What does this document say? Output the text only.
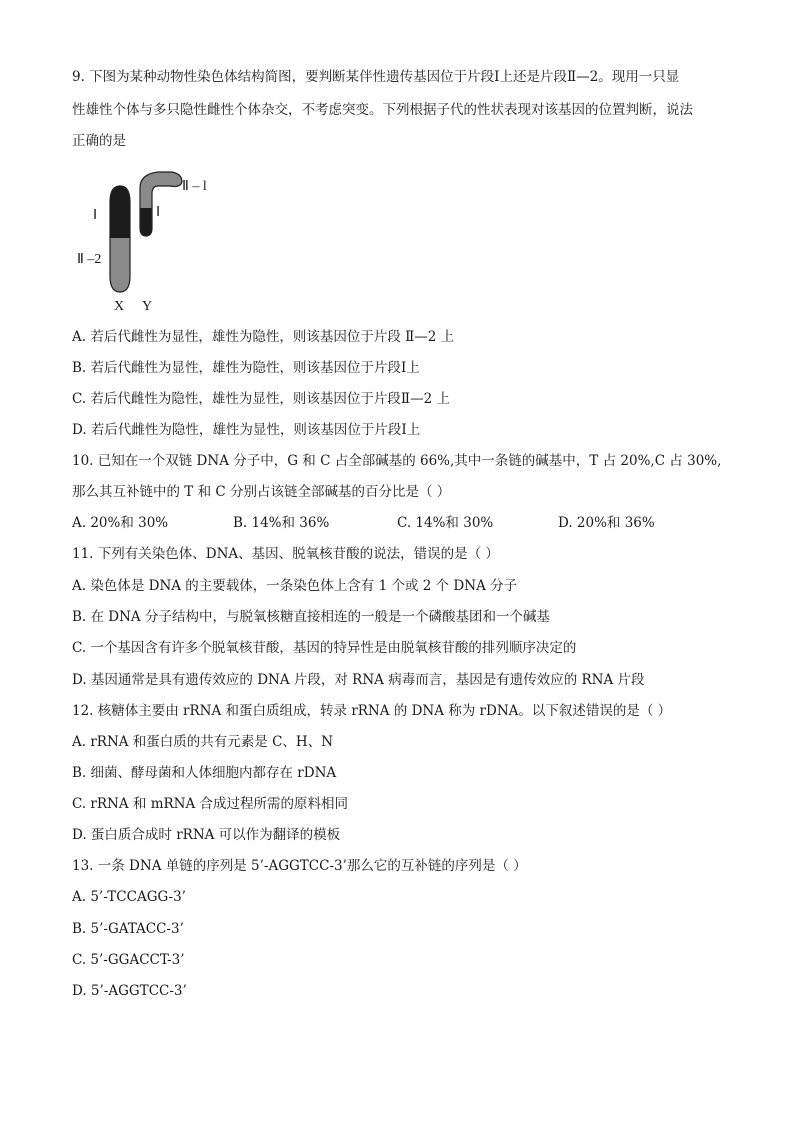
9. 下图为某种动物性染色体结构简图，要判断某伴性遗传基因位于片段Ⅰ上还是片段Ⅱ—2。现用一只显
性雄性个体与多只隐性雌性个体杂交，不考虑突变。下列根据子代的性状表现对该基因的位置判断，说法
正确的是
Ⅰ
Ⅱ –2
Ⅰ
Ⅱ – l
X Y
A. 若后代雌性为显性，雄性为隐性，则该基因位于片段 Ⅱ—2 上
B. 若后代雌性为显性，雄性为隐性，则该基因位于片段Ⅰ上
C. 若后代雌性为隐性，雄性为显性，则该基因位于片段Ⅱ—2 上
D. 若后代雌性为隐性，雄性为显性，则该基因位于片段Ⅰ上
10. 已知在一个双链 DNA 分子中，G 和 C 占全部碱基的 66%,其中一条链的碱基中，T 占 20%,C 占 30%,
那么其互补链中的 T 和 C 分别占该链全部碱基的百分比是（ ）
A. 20%和 30%	B. 14%和 36%	C. 14%和 30%	D. 20%和 36%
11. 下列有关染色体、DNA、基因、脱氧核苷酸的说法，错误的是（ ）
A. 染色体是 DNA 的主要载体，一条染色体上含有 1 个或 2 个 DNA 分子
B. 在 DNA 分子结构中，与脱氧核糖直接相连的一般是一个磷酸基团和一个碱基
C. 一个基因含有许多个脱氧核苷酸，基因的特异性是由脱氧核苷酸的排列顺序决定的
D. 基因通常是具有遗传效应的 DNA 片段，对 RNA 病毒而言，基因是有遗传效应的 RNA 片段
12. 核糖体主要由 rRNA 和蛋白质组成，转录 rRNA 的 DNA 称为 rDNA。以下叙述错误的是（ ）
A. rRNA 和蛋白质的共有元素是 C、H、N
B. 细菌、酵母菌和人体细胞内都存在 rDNA
C. rRNA 和 mRNA 合成过程所需的原料相同
D. 蛋白质合成时 rRNA 可以作为翻译的模板
13. 一条 DNA 单链的序列是 5’-AGGTCC-3’那么它的互补链的序列是（ ）
A. 5’-TCCAGG-3’
B. 5’-GATACC-3’
C. 5’-GGACCT-3’
D. 5’-AGGTCC-3’
